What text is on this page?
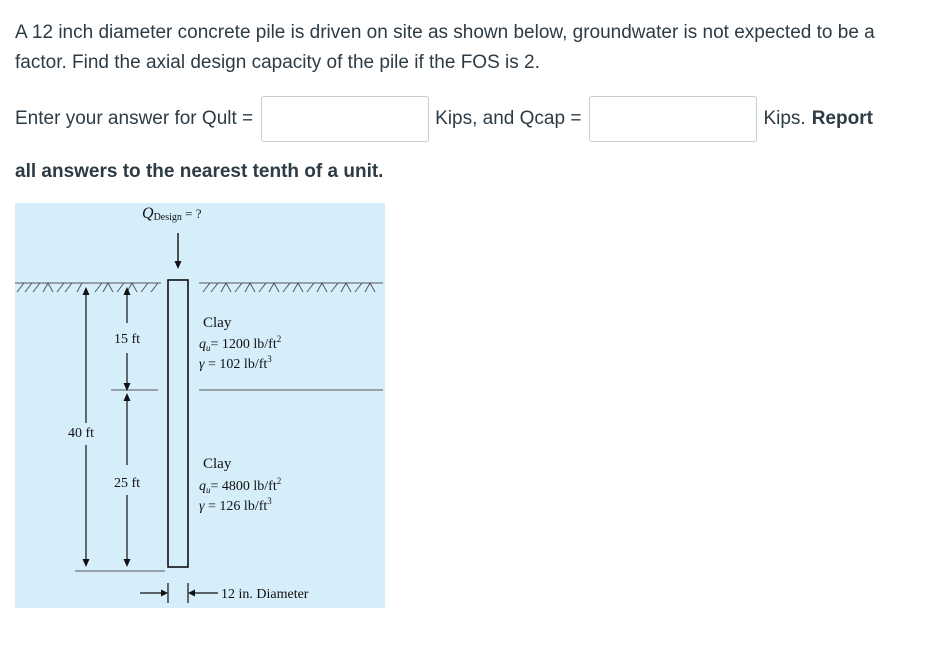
A 12 inch diameter concrete pile is driven on site as shown below, groundwater is not expected to be a factor. Find the axial design capacity of the pile if the FOS is 2.
Enter your answer for Qult =	Kips, and Qcap =	Kips. Report
all answers to the nearest tenth of a unit.
QDesign = ?
15 ft
25 ft
40 ft
Clay
$q_u= 1200$ $lb/ft^2$
γ = 102 $lb/ft^3$
Clay
$q_u= 4800$ $lb/ft^2$
γ = 126 $lb/ft^3$
12 in. Diameter
